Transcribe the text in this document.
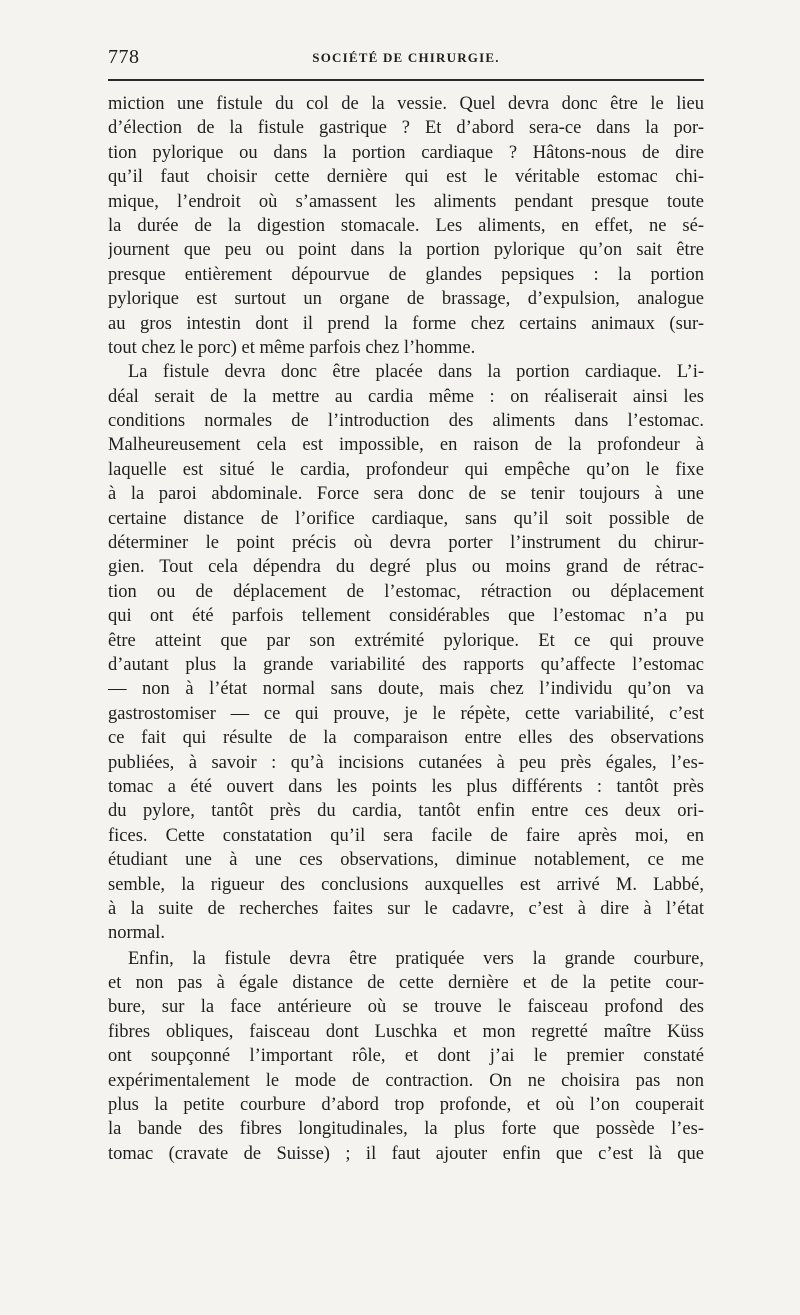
778	SOCIÉTÉ DE CHIRURGIE.
miction une fistule du col de la vessie. Quel devra donc être le lieu
d’élection de la fistule gastrique ? Et d’abord sera-ce dans la por-
tion pylorique ou dans la portion cardiaque ? Hâtons-nous de dire
qu’il faut choisir cette dernière qui est le véritable estomac chi-
mique, l’endroit où s’amassent les aliments pendant presque toute
la durée de la digestion stomacale. Les aliments, en effet, ne sé-
journent que peu ou point dans la portion pylorique qu’on sait être
presque entièrement dépourvue de glandes pepsiques : la portion
pylorique est surtout un organe de brassage, d’expulsion, analogue
au gros intestin dont il prend la forme chez certains animaux (sur-
tout chez le porc) et même parfois chez l’homme.
La fistule devra donc être placée dans la portion cardiaque. L’i-
déal serait de la mettre au cardia même : on réaliserait ainsi les
conditions normales de l’introduction des aliments dans l’estomac.
Malheureusement cela est impossible, en raison de la profondeur à
laquelle est situé le cardia, profondeur qui empêche qu’on le fixe
à la paroi abdominale. Force sera donc de se tenir toujours à une
certaine distance de l’orifice cardiaque, sans qu’il soit possible de
déterminer le point précis où devra porter l’instrument du chirur-
gien. Tout cela dépendra du degré plus ou moins grand de rétrac-
tion ou de déplacement de l’estomac, rétraction ou déplacement
qui ont été parfois tellement considérables que l’estomac n’a pu
être atteint que par son extrémité pylorique. Et ce qui prouve
d’autant plus la grande variabilité des rapports qu’affecte l’estomac
— non à l’état normal sans doute, mais chez l’individu qu’on va
gastrostomiser — ce qui prouve, je le répète, cette variabilité, c’est
ce fait qui résulte de la comparaison entre elles des observations
publiées, à savoir : qu’à incisions cutanées à peu près égales, l’es-
tomac a été ouvert dans les points les plus différents : tantôt près
du pylore, tantôt près du cardia, tantôt enfin entre ces deux ori-
fices. Cette constatation qu’il sera facile de faire après moi, en
étudiant une à une ces observations, diminue notablement, ce me
semble, la rigueur des conclusions auxquelles est arrivé M. Labbé,
à la suite de recherches faites sur le cadavre, c’est à dire à l’état
normal.
Enfin, la fistule devra être pratiquée vers la grande courbure,
et non pas à égale distance de cette dernière et de la petite cour-
bure, sur la face antérieure où se trouve le faisceau profond des
fibres obliques, faisceau dont Luschka et mon regretté maître Küss
ont soupçonné l’important rôle, et dont j’ai le premier constaté
expérimentalement le mode de contraction. On ne choisira pas non
plus la petite courbure d’abord trop profonde, et où l’on couperait
la bande des fibres longitudinales, la plus forte que possède l’es-
tomac (cravate de Suisse) ; il faut ajouter enfin que c’est là que
